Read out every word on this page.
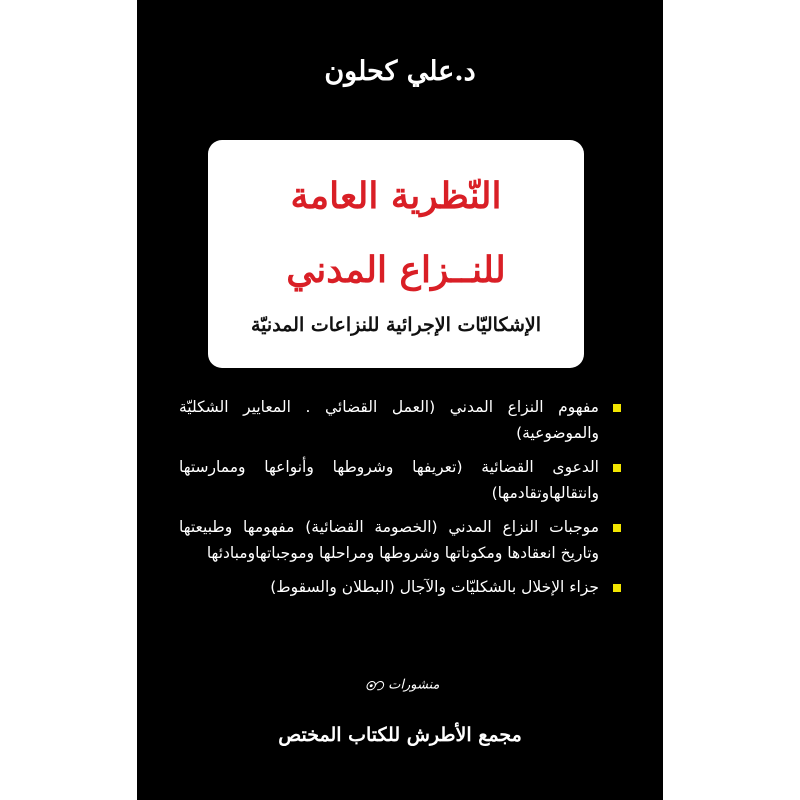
د.علي كحلون
النّظرية العامة
للنــزاع المدني
الإشكاليّات الإجرائية للنزاعات المدنيّة
مفهوم النزاع المدني (العمل القضائي . المعايير الشكليّة والموضوعية)
الدعوى القضائية (تعريفها وشروطها وأنواعها وممارستها وانتقالهاوتقادمها)
موجبات النزاع المدني (الخصومة القضائية) مفهومها وطبيعتها وتاريخ انعقادها ومكوناتها وشروطها ومراحلها وموجباتهاومبادئها
جزاء الإخلال بالشكليّات والآجال (البطلان والسقوط)
منشورات ꩦ
مجمع الأطرش للكتاب المختص
